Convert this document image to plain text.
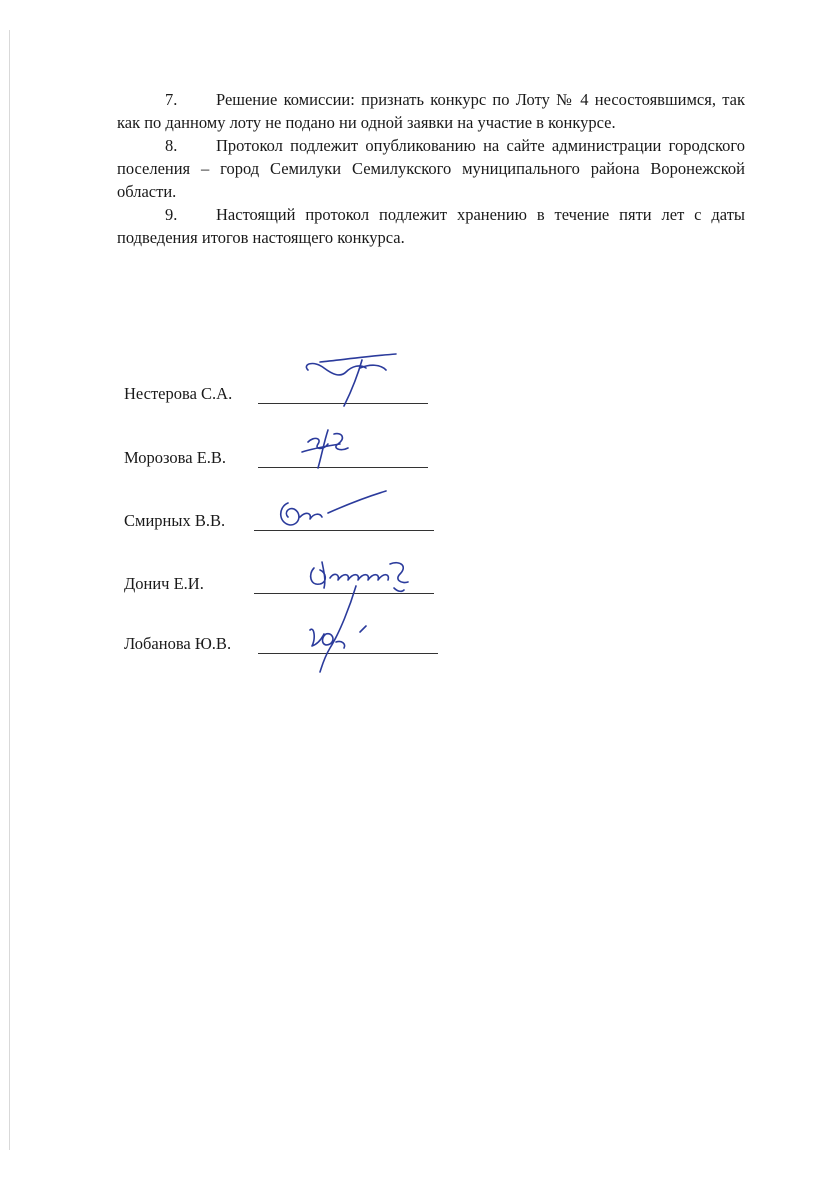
7. Решение комиссии: признать конкурс по Лоту № 4 несостоявшимся, так как по данному лоту не подано ни одной заявки на участие в конкурсе.

8. Протокол подлежит опубликованию на сайте администрации городского поселения – город Семилуки Семилукского муниципального района Воронежской области.

9. Настоящий протокол подлежит хранению в течение пяти лет с даты подведения итогов настоящего конкурса.

Нестерова С.А.
Морозова Е.В.
Смирных В.В.
Донич Е.И.
Лобанова Ю.В.
